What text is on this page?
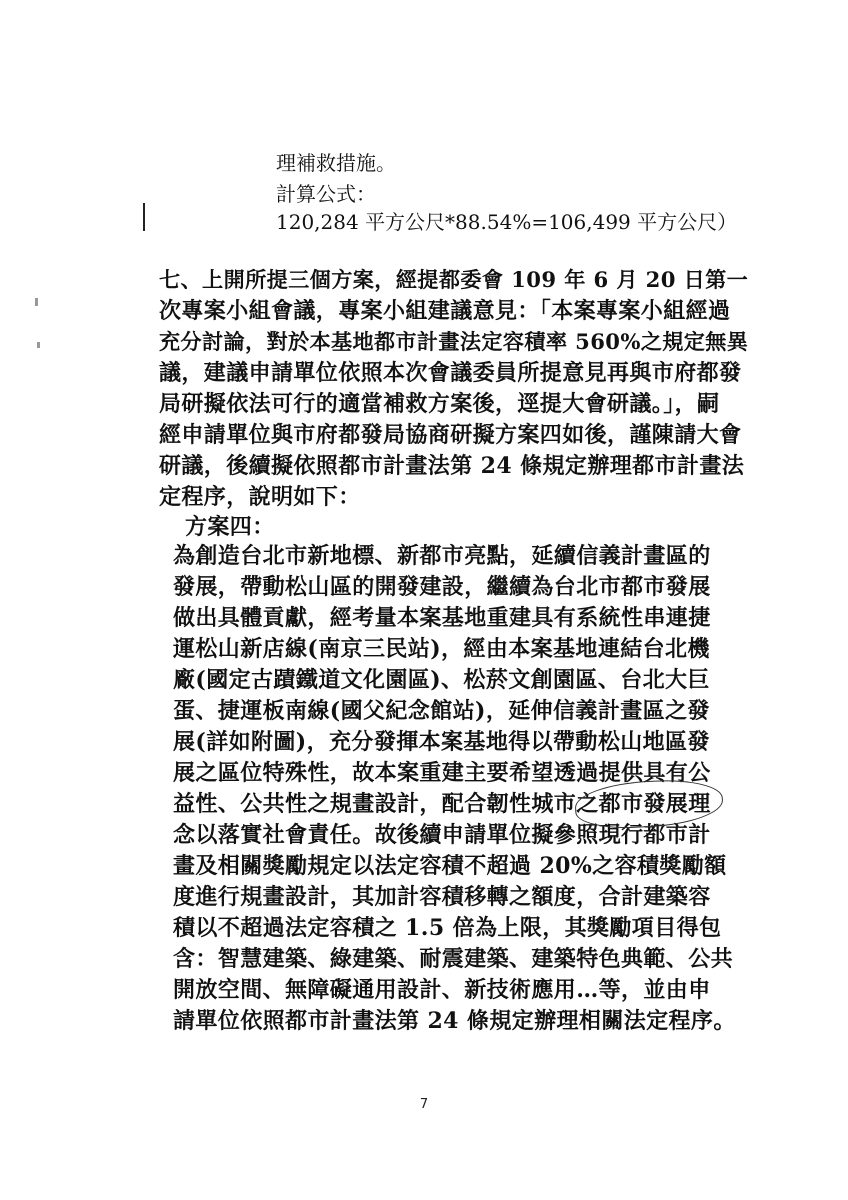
理補救措施。
計算公式：
120,284 平方公尺*88.54%=106,499 平方公尺）
七、上開所提三個方案，經提都委會 109 年 6 月 20 日第一
次專案小組會議，專案小組建議意見：「本案專案小組經過
充分討論，對於本基地都市計畫法定容積率 560%之規定無異
議，建議申請單位依照本次會議委員所提意見再與市府都發
局研擬依法可行的適當補救方案後，逕提大會研議。」，嗣
經申請單位與市府都發局協商研擬方案四如後，謹陳請大會
研議，後續擬依照都市計畫法第 24 條規定辦理都市計畫法
定程序，說明如下：
方案四：
為創造台北市新地標、新都市亮點，延續信義計畫區的
發展，帶動松山區的開發建設，繼續為台北市都市發展
做出具體貢獻，經考量本案基地重建具有系統性串連捷
運松山新店線(南京三民站)，經由本案基地連結台北機
廠(國定古蹟鐵道文化園區)、松菸文創園區、台北大巨
蛋、捷運板南線(國父紀念館站)，延伸信義計畫區之發
展(詳如附圖)，充分發揮本案基地得以帶動松山地區發
展之區位特殊性，故本案重建主要希望透過提供具有公
益性、公共性之規畫設計，配合韌性城市之都市發展理
念以落實社會責任。故後續申請單位擬參照現行都市計
畫及相關獎勵規定以法定容積不超過 20%之容積獎勵額
度進行規畫設計，其加計容積移轉之額度，合計建築容
積以不超過法定容積之 1.5 倍為上限，其獎勵項目得包
含：智慧建築、綠建築、耐震建築、建築特色典範、公共
開放空間、無障礙通用設計、新技術應用…等，並由申
請單位依照都市計畫法第 24 條規定辦理相關法定程序。
7
